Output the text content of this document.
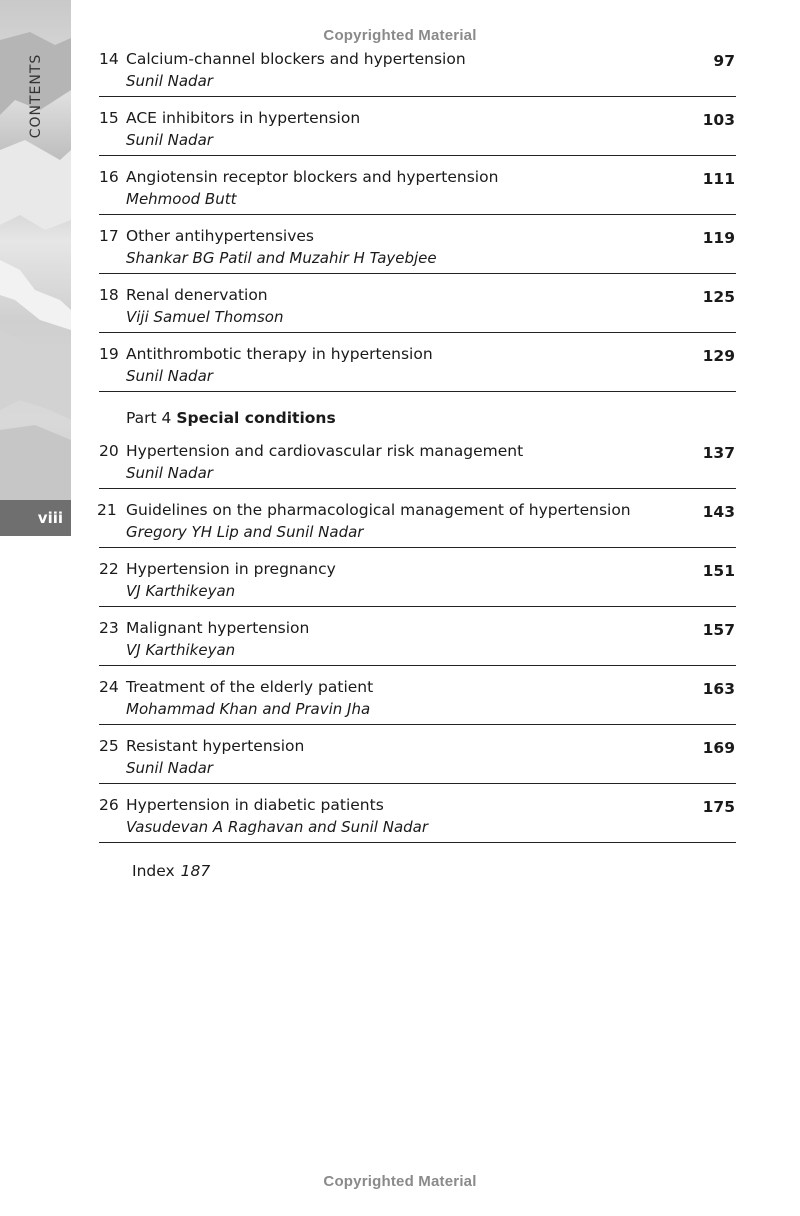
Copyrighted Material
CONTENTS
viii
14 Calcium-channel blockers and hypertension
Sunil Nadar
97
15 ACE inhibitors in hypertension
Sunil Nadar
103
16 Angiotensin receptor blockers and hypertension
Mehmood Butt
111
17 Other antihypertensives
Shankar BG Patil and Muzahir H Tayebjee
119
18 Renal denervation
Viji Samuel Thomson
125
19 Antithrombotic therapy in hypertension
Sunil Nadar
129
Part 4 Special conditions
20 Hypertension and cardiovascular risk management
Sunil Nadar
137
21 Guidelines on the pharmacological management of hypertension
Gregory YH Lip and Sunil Nadar
143
22 Hypertension in pregnancy
VJ Karthikeyan
151
23 Malignant hypertension
VJ Karthikeyan
157
24 Treatment of the elderly patient
Mohammad Khan and Pravin Jha
163
25 Resistant hypertension
Sunil Nadar
169
26 Hypertension in diabetic patients
Vasudevan A Raghavan and Sunil Nadar
175
Index 187
Copyrighted Material
